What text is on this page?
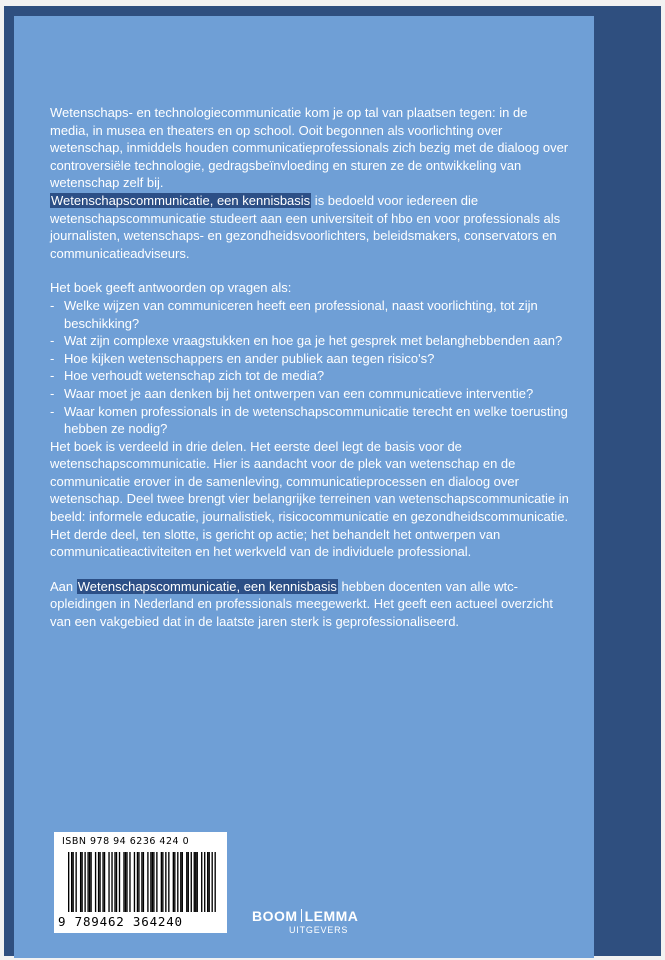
Wetenschaps- en technologiecommunicatie kom je op tal van plaatsen tegen: in de media, in musea en theaters en op school. Ooit begonnen als voorlichting over wetenschap, inmiddels houden communicatieprofessionals zich bezig met de dialoog over controversiële technologie, gedragsbeïnvloeding en sturen ze de ontwikkeling van wetenschap zelf bij.

Wetenschapscommunicatie, een kennisbasis is bedoeld voor iedereen die wetenschapscommunicatie studeert aan een universiteit of hbo en voor professionals als journalisten, wetenschaps- en gezondheidsvoorlichters, beleidsmakers, conservators en communicatieadviseurs.

Het boek geeft antwoorden op vragen als:

- Welke wijzen van communiceren heeft een professional, naast voorlichting, tot zijn beschikking?
- Wat zijn complexe vraagstukken en hoe ga je het gesprek met belanghebbenden aan?
- Hoe kijken wetenschappers en ander publiek aan tegen risico's?
- Hoe verhoudt wetenschap zich tot de media?
- Waar moet je aan denken bij het ontwerpen van een communicatieve interventie?
- Waar komen professionals in de wetenschapscommunicatie terecht en welke toerusting hebben ze nodig?

Het boek is verdeeld in drie delen. Het eerste deel legt de basis voor de wetenschapscommunicatie. Hier is aandacht voor de plek van wetenschap en de communicatie erover in de samenleving, communicatieprocessen en dialoog over wetenschap. Deel twee brengt vier belangrijke terreinen van wetenschapscommunicatie in beeld: informele educatie, journalistiek, risicocommunicatie en gezondheidscommunicatie. Het derde deel, ten slotte, is gericht op actie; het behandelt het ontwerpen van communicatieactiviteiten en het werkveld van de individuele professional.

Aan Wetenschapscommunicatie, een kennisbasis hebben docenten van alle wtc-opleidingen in Nederland en professionals meegewerkt. Het geeft een actueel overzicht van een vakgebied dat in de laatste jaren sterk is geprofessionaliseerd.

ISBN 978 94 6236 424 0
9 789462 364240	BOOM LEMMA
UITGEVERS
